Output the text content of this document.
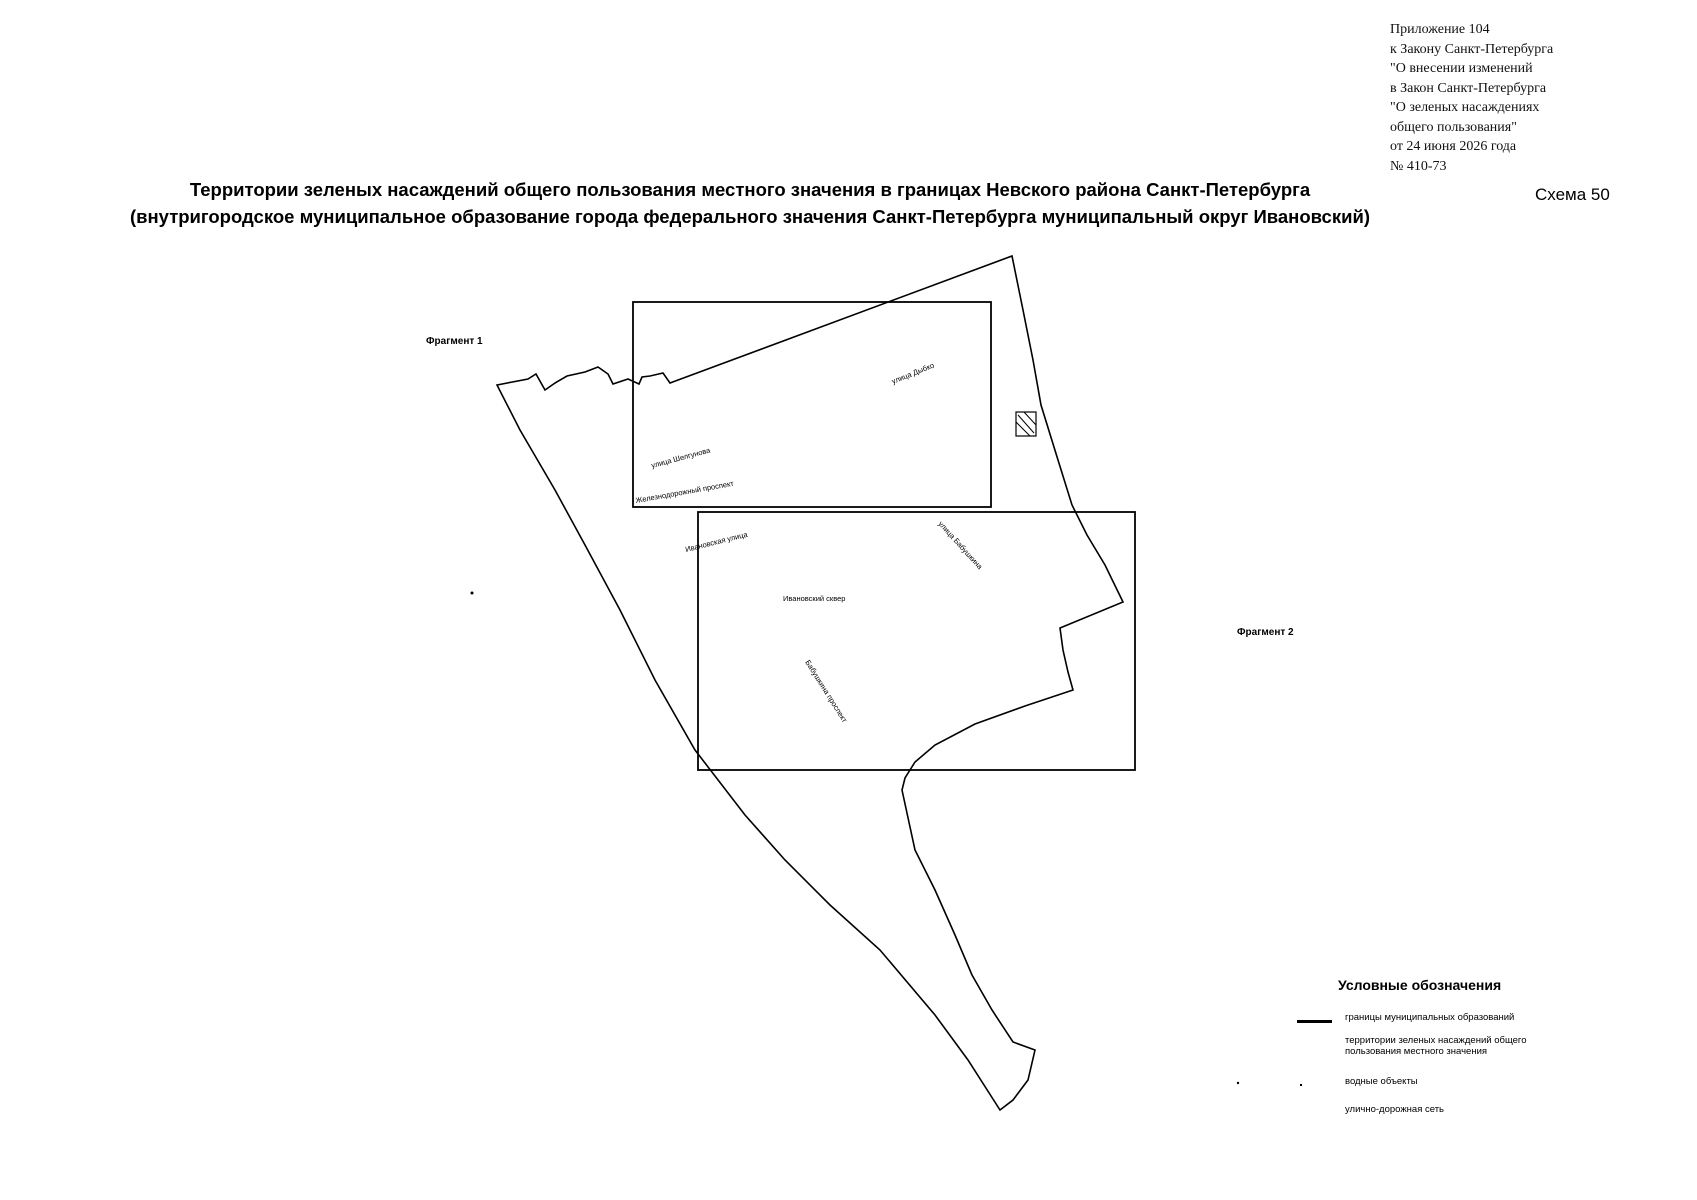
Приложение 104
к Закону Санкт-Петербурга
"О внесении изменений
в Закон Санкт-Петербурга
"О зеленых насаждениях
общего пользования"
от 24 июня 2026 года
№ 410-73
Территории зеленых насаждений общего пользования местного значения в границах Невского района Санкт-Петербурга
(внутригородское муниципальное образование города федерального значения Санкт-Петербурга муниципальный округ Ивановский)
Схема 50
Фрагмент 1
Фрагмент 2
улица Дыбко
улица Шелгунова
Железнодорожный проспект
Ивановская улица	улица Бабушкина
Ивановский сквер
Бабушкина проспект
Условные обозначения
границы муниципальных образований
территории зеленых насаждений общего
пользования местного значения
водные объекты
улично-дорожная сеть
